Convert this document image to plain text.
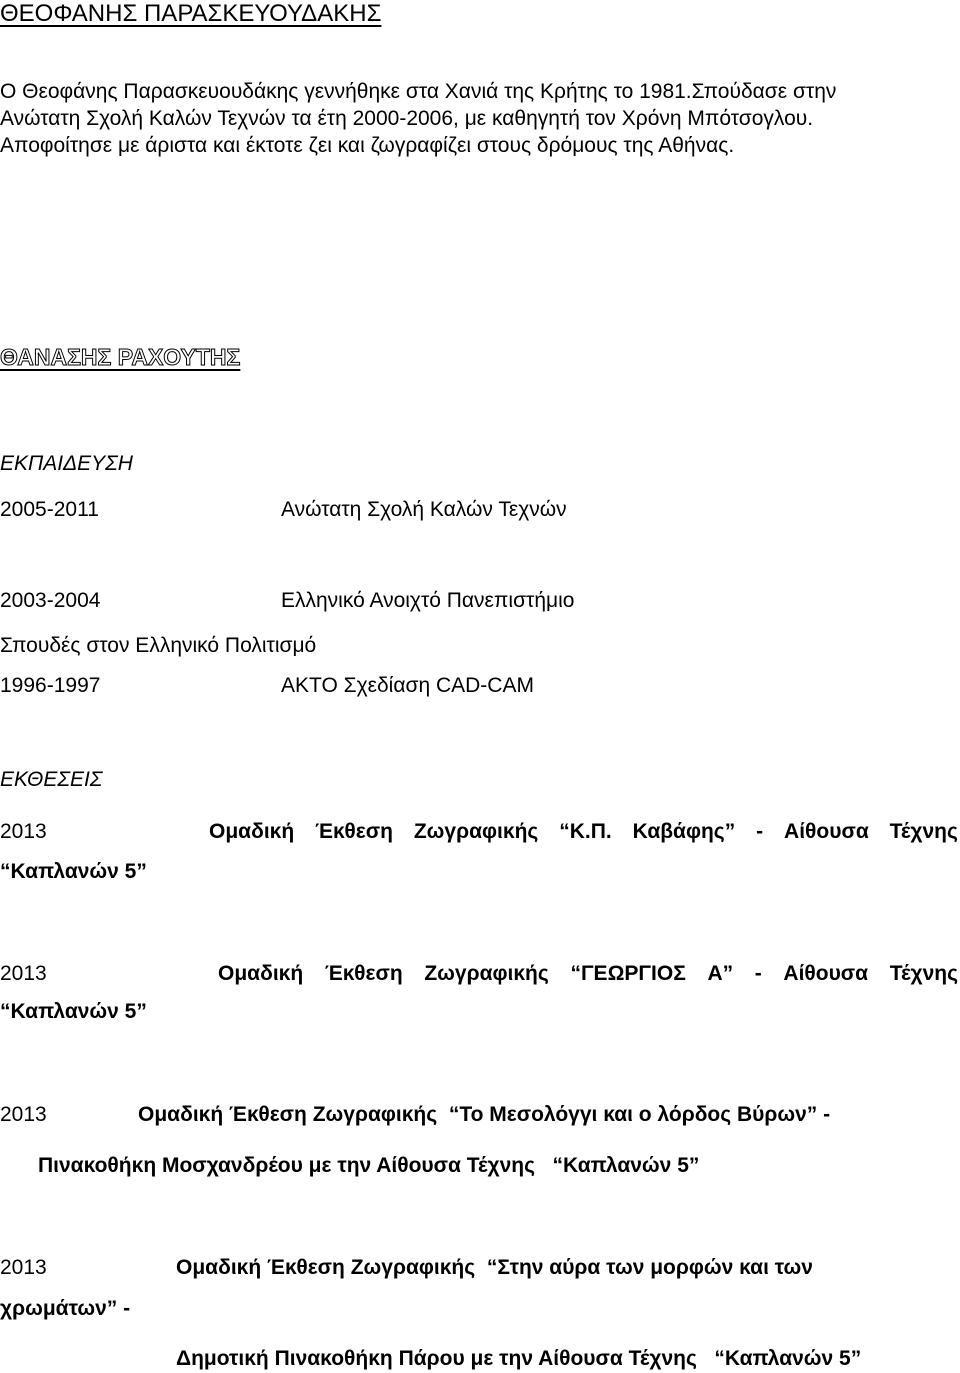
ΘΕΟΦΑΝΗΣ ΠΑΡΑΣΚΕΥΟΥΔΑΚΗΣ
Ο Θεοφάνης Παρασκευουδάκης γεννήθηκε στα Χανιά της Κρήτης το 1981.Σπούδασε στην
Ανώτατη Σχολή Καλών Τεχνών τα έτη 2000-2006, με καθηγητή τον Χρόνη Μπότσογλου.
Αποφοίτησε με άριστα και έκτοτε ζει και ζωγραφίζει στους δρόμους της Αθήνας.
ΘΑΝΑΣΗΣ ΡΑΧΟΥΤΗΣ
ΕΚΠΑΙΔΕΥΣΗ
2005-2011	Ανώτατη Σχολή Καλών Τεχνών
2003-2004	Ελληνικό Ανοιχτό Πανεπιστήμιο
Σπουδές στον Ελληνικό Πολιτισμό
1996-1997	ΑΚΤΟ Σχεδίαση CAD-CAM
ΕΚΘΕΣΕΙΣ
2013	Ομαδική Έκθεση Ζωγραφικής “Κ.Π. Καβάφης” - Αίθουσα Τέχνης
“Καπλανών 5”
2013	Ομαδική Έκθεση Ζωγραφικής “ΓΕΩΡΓΙΟΣ Α” - Αίθουσα Τέχνης
“Καπλανών 5”
2013	Ομαδική Έκθεση Ζωγραφικής  “Το Μεσολόγγι και ο λόρδος Βύρων” -
Πινακοθήκη Μοσχανδρέου με την Αίθουσα Τέχνης   “Καπλανών 5”
2013	Ομαδική Έκθεση Ζωγραφικής  “Στην αύρα των μορφών και των
χρωμάτων” -
Δημοτική Πινακοθήκη Πάρου με την Αίθουσα Τέχνης   “Καπλανών 5”
